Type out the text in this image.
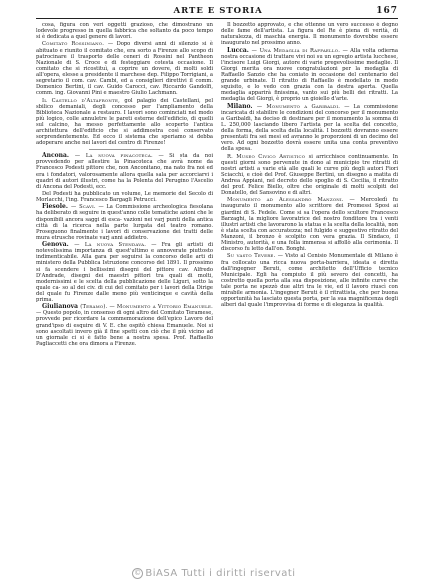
ARTE E STORIA	167

cosa, figura con veri oggetti grazioso, che dimostrano un lodevole progresso in quella fabbrica che soltanto da poco tempo si è dedicata a quel genere di lavori.

Comitato Rossiniano. — Dopo diversi anni di silenzio si è abituato e riunito il comitato che, era sorto a Firenze allo scopo di patrocinare il trasporto delle ceneri di Rossini nel Pantheon Nazionale di S. Croce e di festeggiare cotesta occasione. Il comitato che si ricostituì, a coprire un dovere, di molti soldi all'opera, elesse a presidente il marchese dep. Filippo Torrigiani, a segretario il com. cav. Cambi, ed a consiglieri direttivi il comm. Domenico Bertini, il cav. Guido Carocci, cav. Riccardo Gandolfi, comm. ing. Giovanni Pini e maestro Giulio Lachmann.

Il Castello d'Altafronte, gol palagio dei Castellani, pel sbilico demaniali, degli concesso per l'ampliamento della Biblioteca Nazionale a restauro. I lavori sono cominciati nel modo più logico, colle annuletre le pareti esterne dell'edificio, di quelli sul calcino, ha messo perfettamente allo scoperto l'antica architettura dell'edificio che si addimostra così conservato sorprendentemente. Ed ecco il sistema che speriamo si debba adoperare anche nei lavori del centro di Firenze!

Ancona. — La nuova pinacoteca. — Si sta da noi provvedendo per allestire la Pinacoteca che avrà nome da Francesco Podesti pittore che, non Anconitano, ma nato fra noi ed era i fondatori, valorosamente allora quella sala per accorciarvi i quadri di autori illustri, come ha la Polenta del Perugino l'Ascelio di Ancona del Podesti, ecc.

Del Podesti ha pubblicato un volume, Le memorie del Secolo di Morlacchi, l'ing. Francesco Bargagli Petrucci.

Fiesole. — Scavi. — La Commissione archeologica fiesolana ha deliberato di seguire in quest'anno colle tematiche azioni che le disponibili ancora saggi di esca- vazioni nei varj punti della antica città di la ricerca nella parte lurgata del teatro romano. Proseguono finalmente i lavori di conservazione dei tratti delle mura etrusche rovinate varj anni addietro.

Genova. — La nuova Stendava. — Fra gli artisti di notevolissima importanza di quest'ultimo e annoverate piuttosto indimenticabile. Alla gara per seguirsi la concorso delle arti di ministero della Pubblica Istruzione concorso del 1891. Il prossimo si fa scendere i bellissimi disegni del pittore cav. Alfredo D'Andrade, disegni dei maestri pittori tra quali di molti, modernissimi e le scelta della pubblicazione delle Liguri, sotto la quale ca- so al dei civ. di cui del comitato per i lavori della Dirige del quale fu Firenze dalle meno più venticinque e cavità della prima.

Giulianova (Teramo). — Monumento a Vittorio Emanuele. — Questo popolo, in consenso di ogni altro del Comitato Teramese, provvede per ricordare la commemorazione dell'epico Lavoro del grand'ipso di esquire di V. E. che ospitò chiesa Emanuele. Noi si sono ascoltati invero già il fine spetti con ciò che il più vicino ad un giornale ci si è fatto bene a nostra spesa. Prof. Raffaello Pagliaccetti che ora dimora a Firenze.

Il bozzetto approvato, e che ottenne un vero successo è degno delle fame dell'artista. La figura del Re è piena di verità, di naturalezza, di maschia energia. Il monumento dovrebbe essere inaugurato nel prossimo anno.

Lucca. — Una Medaglia di Raffaello. — Alla volta odierna nostra occasione di trattare vivi noi su un egregio artista lucchese, l'incisore Luigi Giorgi, autore di varie pregevolissime medaglie. Il Giorgi merita ora nuove congratulazioni per la medaglia di Raffaello Sanzio che ha coniato in occasione del centenario del grande urbinate. Il ritratto di Raffaello è modellato in modo squisito, e lo vedo con grazia con la destra aperta. Quella medaglia apparirà finissima, vanto sui più belli dei ritratti. La medaglia del Giorgi, è proprio un gioiello d'arte.

Milano. — Monumento a Garibaldi. — La commissione incaricata di stabilire le condizioni del concorso per il monumento a Garibaldi, ha deciso di destinare per il monumento la somma di L. 250,000 lasciando libero l'artista per la scelta del concetto, della forma, della scelta della località. I bozzetti dovranno essere presentati fra sei mesi ed avranno le proporzioni di un decimo del vero. Ad ogni bozzetto dovrà essere unita una conta preventivo della spesa.

R. Museo Civico Artistico si arricchisce continuamente. In questi giorni sono pervenute in dono al municipio tre ritratti di nostri artisti a varie età alle quali le curve più degli autori Fiori Sciacchi, e cioè del Prof. Giuseppe Bertini, un disegno a matita di Andrea Appiani, nel decreto dello spoglio di S. Cecilia, il ritratto del prof. Felice Biello, oltre che originale di molti scolpiti del Donatello, del Sansovino e di altri.

Monumento ad Alessandro Manzoni. — Mercoledì fu inaugurato il monumento allo scrittore dei Promessi Sposi ai giardini di S. Fedele. Come si sa l'opera dello scultore Francesco Barzaghi, la migliore lavoratrice del nostro fonditore tra i venti illustri artisti che lavorarono la statua e la scelta della località, non è stata scelta con accuratezza; nel fulgido e suggestivo ritratto del Manzoni, il bronzo è scolpito con vera grazia. Il Sindaco, il Ministro, autorità, e una folla immensa si affollò alla cerimonia. Il discorso fu letto dall'on. Bonghi.

Su vasto Tevere. — Visto al Cenisio Monumentale di Milano è fra collocato una ricca nuova porta-barriera, ideata e diretta dall'ingegner Beruti, come architetto dell'Ufficio tecnico Municipale. Egli ha compiuto il più severo dei concetti, ha costretto quella porta alla sua disposizione, alle infinite curve che tale porta ne spezzò due altri tra le vie, ed il lavoro riuscì con mirabile armonia. L'ingegner Beruti è il ritrattista, che per buona opportunità ha lasciato questa porta, per la sua magnificenza degli alberi dal quale l'improvvisa di forme e di eleganza la qualità.

© BiASA Tutti i diritti riservati
